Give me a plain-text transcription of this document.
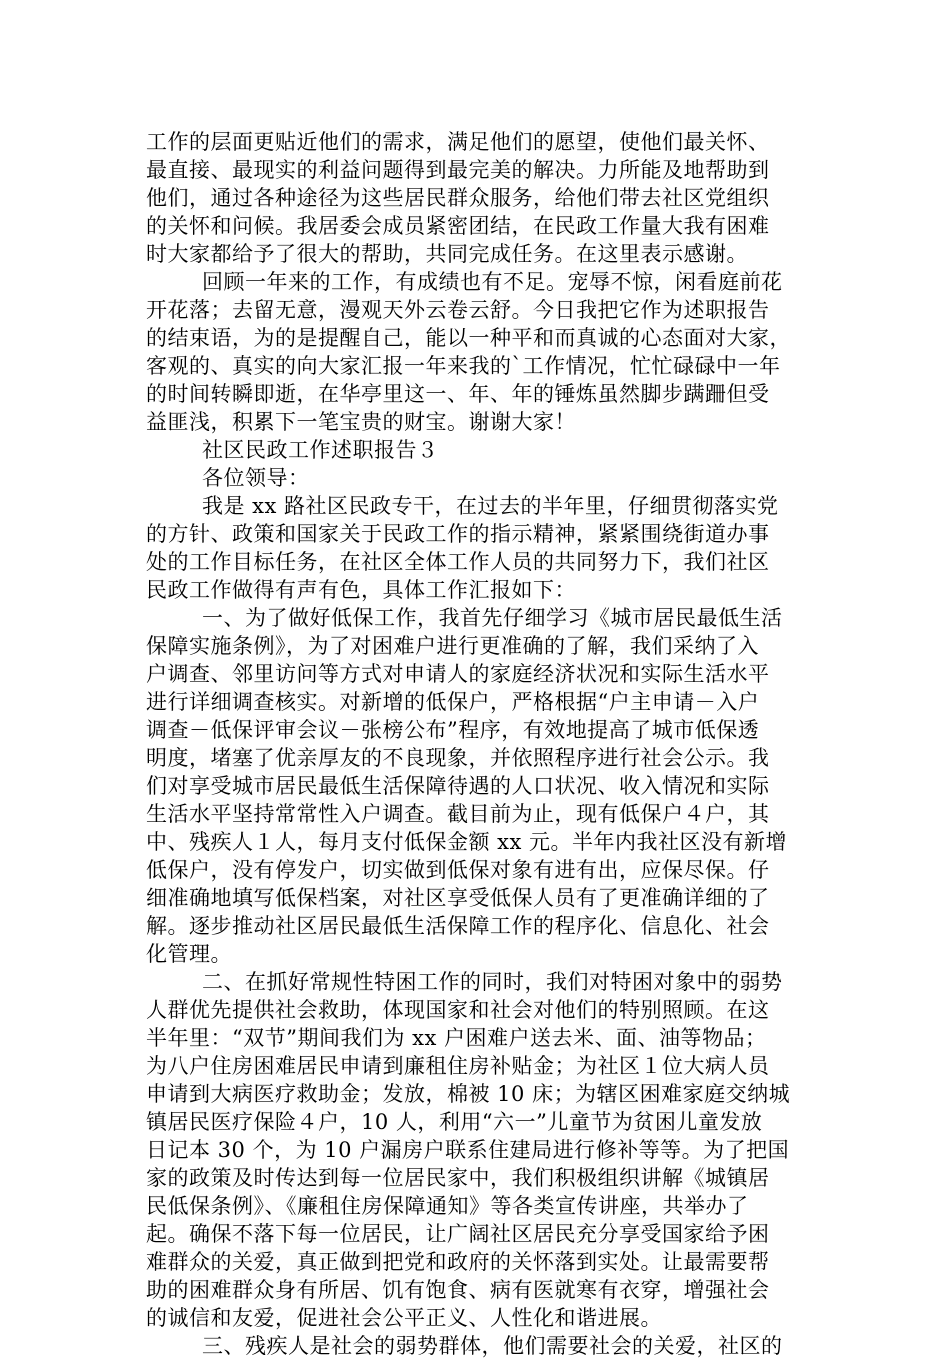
工作的层面更贴近他们的需求，满足他们的愿望，使他们最关怀、
最直接、最现实的利益问题得到最完美的解决。力所能及地帮助到
他们，通过各种途径为这些居民群众服务，给他们带去社区党组织
的关怀和问候。我居委会成员紧密团结，在民政工作量大我有困难
时大家都给予了很大的帮助，共同完成任务。在这里表示感谢。
回顾一年来的工作，有成绩也有不足。宠辱不惊，闲看庭前花
开花落；去留无意，漫观天外云卷云舒。今日我把它作为述职报告
的结束语，为的是提醒自己，能以一种平和而真诚的心态面对大家，
客观的、真实的向大家汇报一年来我的`工作情况，忙忙碌碌中一年
的时间转瞬即逝，在华亭里这一、年、年的锤炼虽然脚步蹒跚但受
益匪浅，积累下一笔宝贵的财宝。谢谢大家！
社区民政工作述职报告３
各位领导：
我是 xx 路社区民政专干，在过去的半年里，仔细贯彻落实党
的方针、政策和国家关于民政工作的指示精神，紧紧围绕街道办事
处的工作目标任务，在社区全体工作人员的共同努力下，我们社区
民政工作做得有声有色，具体工作汇报如下：
一、为了做好低保工作，我首先仔细学习《城市居民最低生活
保障实施条例》，为了对困难户进行更准确的了解，我们采纳了入
户调查、邻里访问等方式对申请人的家庭经济状况和实际生活水平
进行详细调查核实。对新增的低保户，严格根据“户主申请－入户
调查－低保评审会议－张榜公布”程序，有效地提高了城市低保透
明度，堵塞了优亲厚友的不良现象，并依照程序进行社会公示。我
们对享受城市居民最低生活保障待遇的人口状况、收入情况和实际
生活水平坚持常常性入户调查。截目前为止，现有低保户４户，其
中、残疾人１人，每月支付低保金额 xx 元。半年内我社区没有新增
低保户，没有停发户，切实做到低保对象有进有出，应保尽保。仔
细准确地填写低保档案，对社区享受低保人员有了更准确详细的了
解。逐步推动社区居民最低生活保障工作的程序化、信息化、社会
化管理。
二、在抓好常规性特困工作的同时，我们对特困对象中的弱势
人群优先提供社会救助，体现国家和社会对他们的特别照顾。在这
半年里：“双节”期间我们为 xx 户困难户送去米、面、油等物品；
为八户住房困难居民申请到廉租住房补贴金；为社区１位大病人员
申请到大病医疗救助金；发放，棉被 10 床；为辖区困难家庭交纳城
镇居民医疗保险４户，10 人，利用“六一”儿童节为贫困儿童发放
日记本 30 个，为 10 户漏房户联系住建局进行修补等等。为了把国
家的政策及时传达到每一位居民家中，我们积极组织讲解《城镇居
民低保条例》、《廉租住房保障通知》等各类宣传讲座，共举办了
起。确保不落下每一位居民，让广阔社区居民充分享受国家给予困
难群众的关爱，真正做到把党和政府的关怀落到实处。让最需要帮
助的困难群众身有所居、饥有饱食、病有医就寒有衣穿，增强社会
的诚信和友爱，促进社会公平正义、人性化和谐进展。
三、残疾人是社会的弱势群体，他们需要社会的关爱，社区的
